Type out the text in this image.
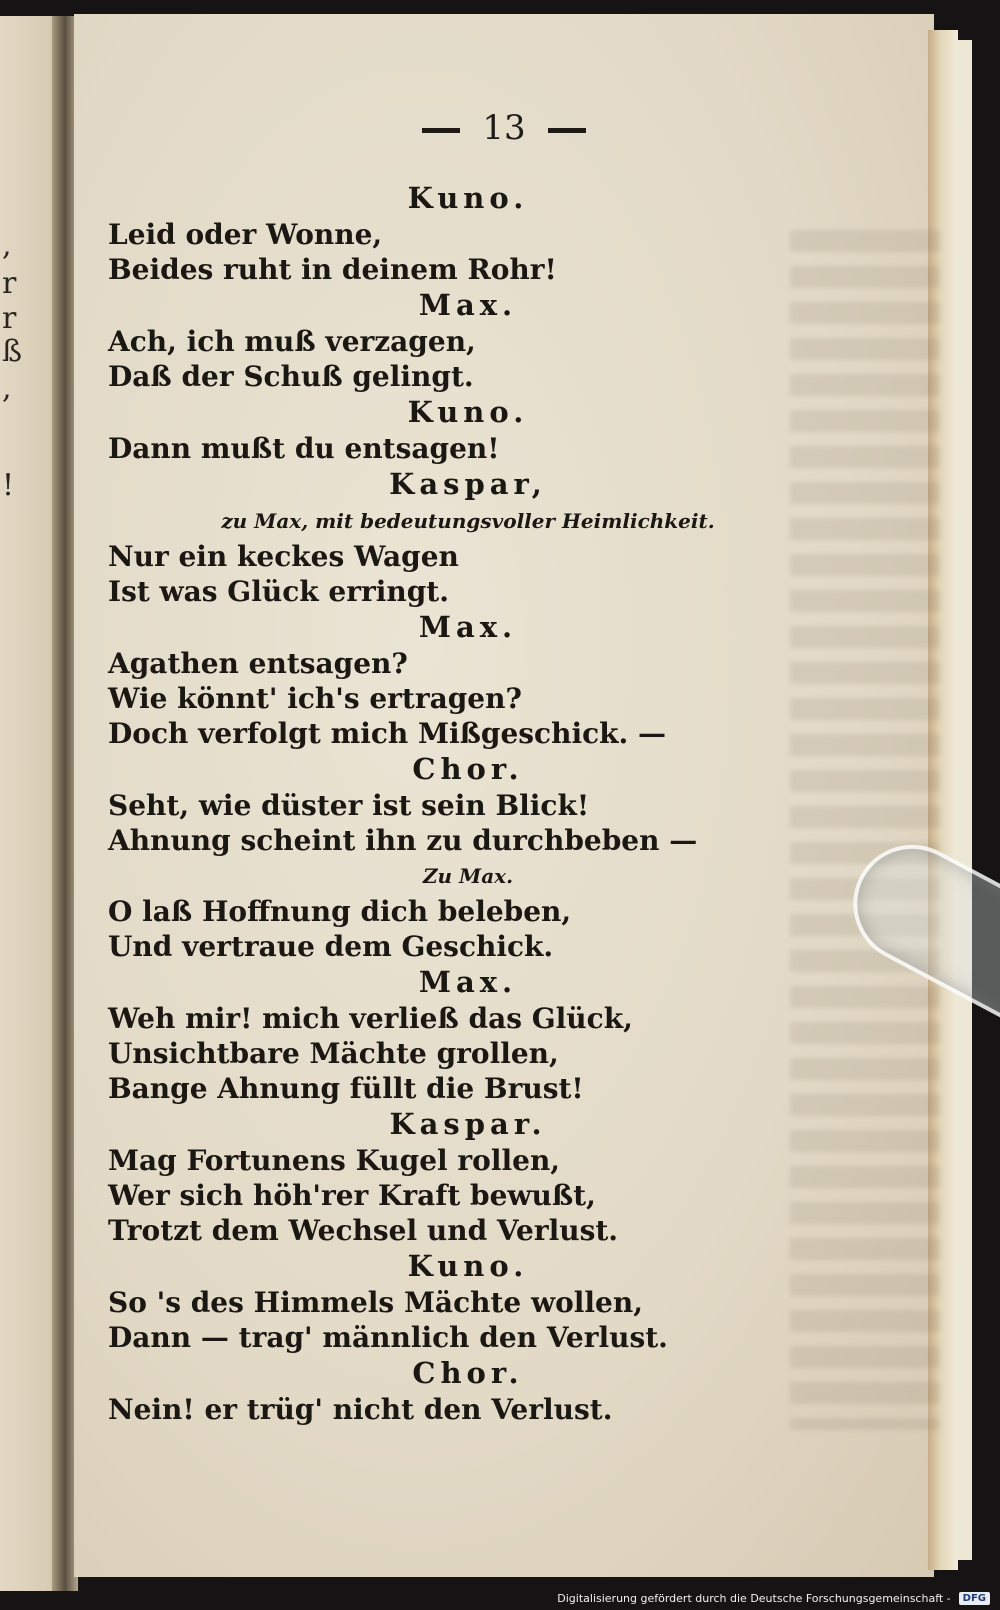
,
r
r
ß
,
!
13
Kuno.
Leid oder Wonne,
Beides ruht in deinem Rohr!
Max.
Ach, ich muß verzagen,
Daß der Schuß gelingt.
Kuno.
Dann mußt du entsagen!
Kaspar,
zu Max, mit bedeutungsvoller Heimlichkeit.
Nur ein keckes Wagen
Ist was Glück erringt.
Max.
Agathen entsagen?
Wie könnt' ich's ertragen?
Doch verfolgt mich Mißgeschick. —
Chor.
Seht, wie düster ist sein Blick!
Ahnung scheint ihn zu durchbeben —
Zu Max.
O laß Hoffnung dich beleben,
Und vertraue dem Geschick.
Max.
Weh mir! mich verließ das Glück,
Unsichtbare Mächte grollen,
Bange Ahnung füllt die Brust!
Kaspar.
Mag Fortunens Kugel rollen,
Wer sich höh'rer Kraft bewußt,
Trotzt dem Wechsel und Verlust.
Kuno.
So 's des Himmels Mächte wollen,
Dann — trag' männlich den Verlust.
Chor.
Nein! er trüg' nicht den Verlust.
Digitalisierung gefördert durch die Deutsche Forschungsgemeinschaft -	DFG
